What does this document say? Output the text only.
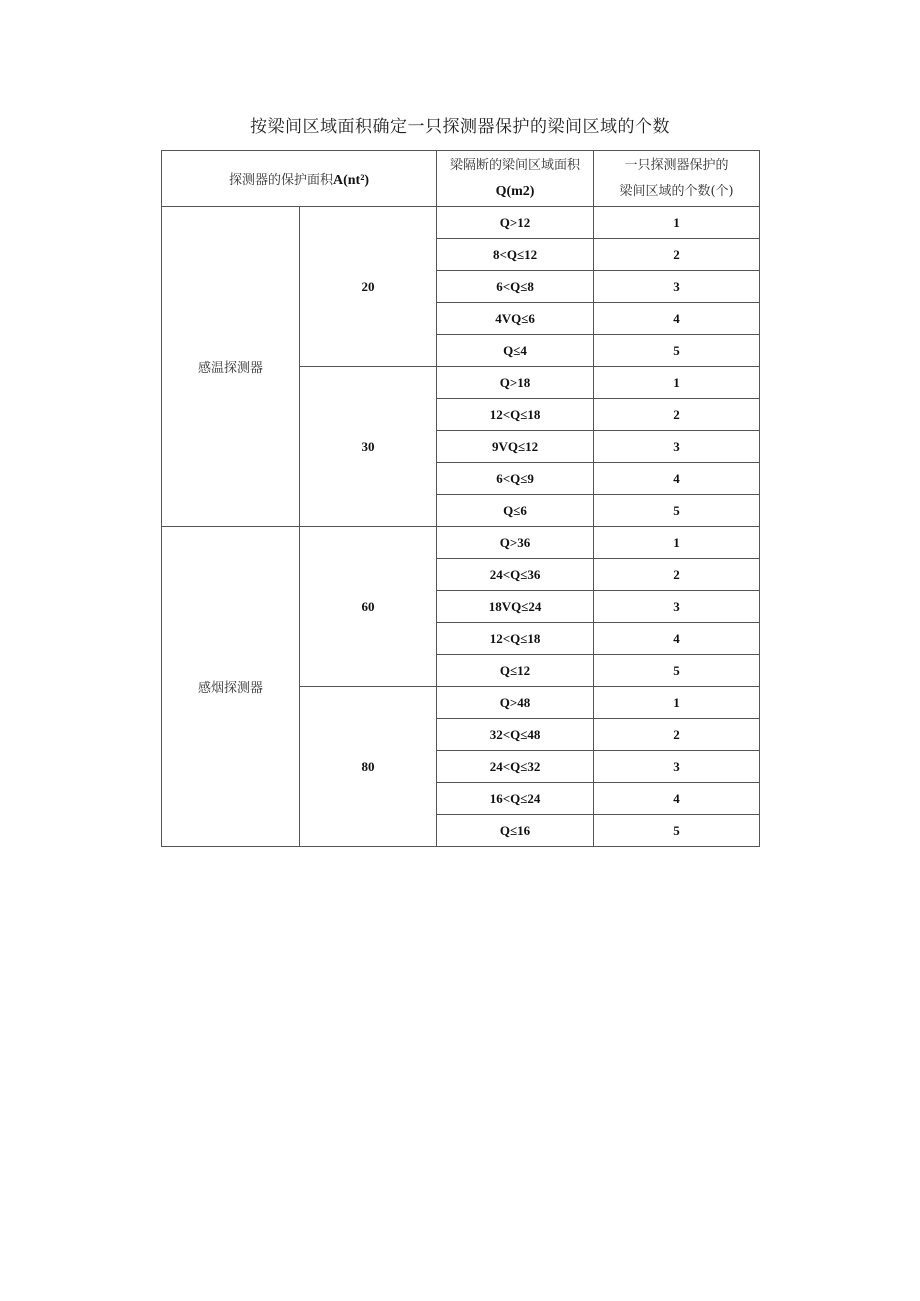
按梁间区域面积确定一只探测器保护的梁间区域的个数
探测器的保护面积A(nt²)		梁隔断的梁间区域面积
Q(m2)	一只探测器保护的
梁间区域的个数(个)

感温探测器	20	Q>12	1
		8<Q≤12	2
		6<Q≤8	3
		4VQ≤6	4
		Q≤4	5
	30	Q>18	1
		12<Q≤18	2
		9VQ≤12	3
		6<Q≤9	4
		Q≤6	5
感烟探测器	60	Q>36	1
		24<Q≤36	2
		18VQ≤24	3
		12<Q≤18	4
		Q≤12	5
	80	Q>48	1
		32<Q≤48	2
		24<Q≤32	3
		16<Q≤24	4
		Q≤16	5
